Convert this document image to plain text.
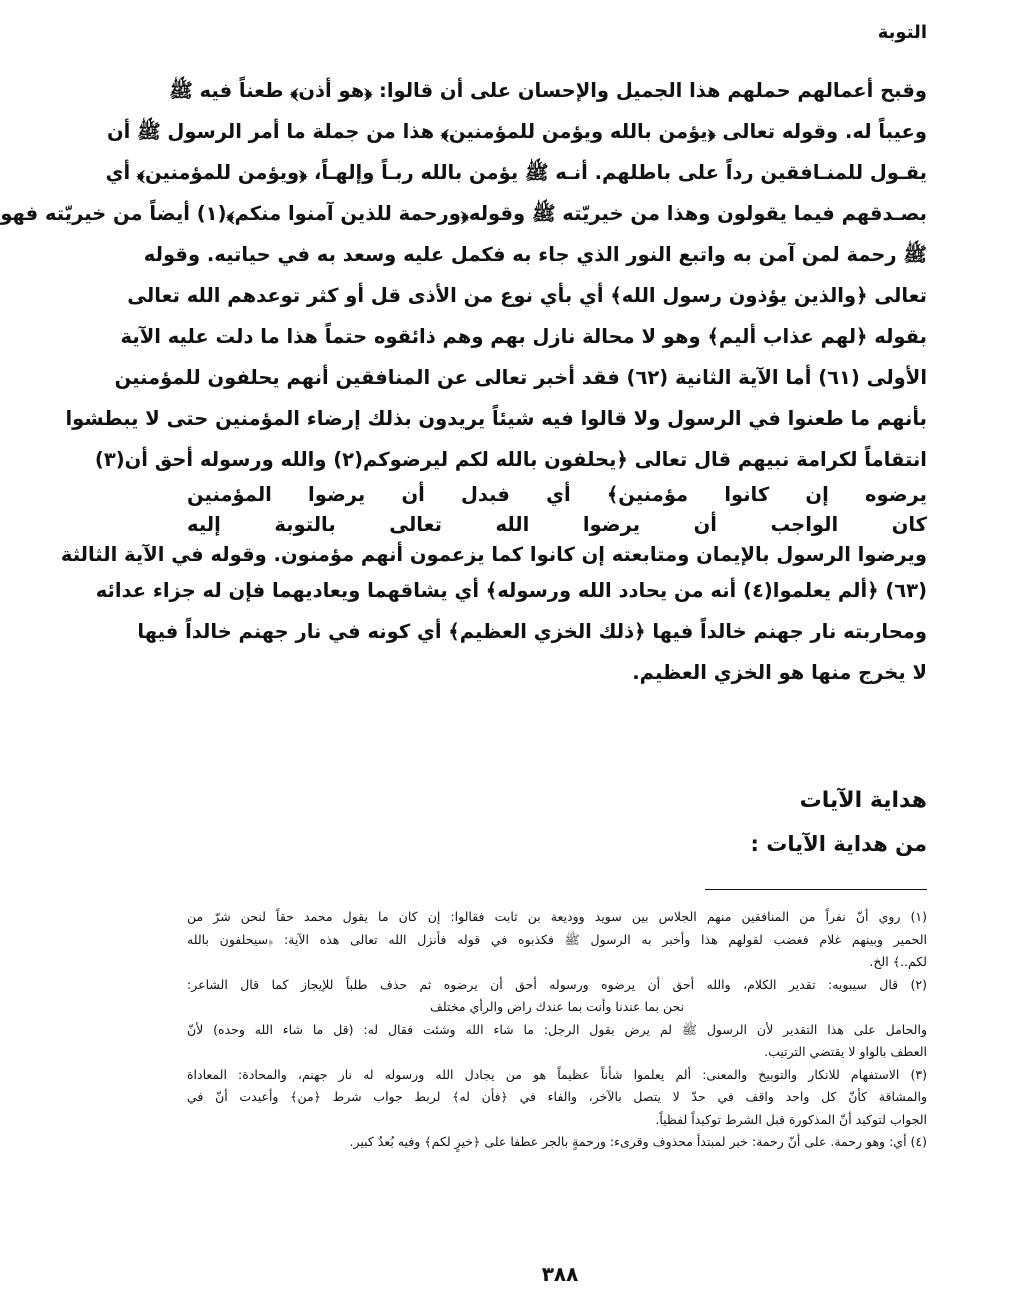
التوبة
وقبح أعمالهم حملهم هذا الجميل والإحسان على أن قالوا: ﴿هو أذن﴾ طعناً فيه ﷺ
وعيباً له. وقوله تعالى ﴿يؤمن بالله ويؤمن للمؤمنين﴾ هذا من جملة ما أمر الرسول ﷺ أن
يقـول للمنـافقين رداً على باطلهم. أنـه ﷺ يؤمن بالله ربـاً وإلهـاً، ﴿ويؤمن للمؤمنين﴾ أي
بصـدقهم فيما يقولون وهذا من خيريّته ﷺ وقوله﴿ورحمة للذين آمنوا منكم﴾(١) أيضاً من خيريّته فهو
ﷺ رحمة لمن آمن به واتبع النور الذي جاء به فكمل عليه وسعد به في حياتيه. وقوله
تعالى ﴿والذين يؤذون رسول الله﴾ أي بأي نوع من الأذى قل أو كثر توعدهم الله تعالى
بقوله ﴿لهم عذاب أليم﴾ وهو لا محالة نازل بهم وهم ذائقوه حتماً هذا ما دلت عليه الآية
الأولى (٦١) أما الآية الثانية (٦٢) فقد أخبر تعالى عن المنافقين أنهم يحلفون للمؤمنين
بأنهم ما طعنوا في الرسول ولا قالوا فيه شيئاً يريدون بذلك إرضاء المؤمنين حتى لا يبطشوا
انتقاماً لكرامة نبيهم قال تعالى ﴿يحلفون بالله لكم ليرضوكم(٢) والله ورسوله أحق أن(٣)
يرضوه إن كانوا مؤمنين﴾ أي فبدل أن يرضوا المؤمنين
كان الواجب أن يرضوا الله تعالى بالتوبة إليه
ويرضوا الرسول بالإيمان ومتابعته إن كانوا كما يزعمون أنهم مؤمنون. وقوله في الآية الثالثة
(٦٣) ﴿ألم يعلموا(٤) أنه من يحادد الله ورسوله﴾ أي يشاقهما ويعاديهما فإن له جزاء عدائه
ومحاربته نار جهنم خالداً فيها ﴿ذلك الخزي العظيم﴾ أي كونه في نار جهنم خالداً فيها
لا يخرج منها هو الخزي العظيم.
هداية الآيات
من هداية الآيات :
(١) روي أنّ نفراً من المنافقين منهم الجلاس بين سويد ووديعة بن ثابت فقالوا: إن كان ما يقول محمد حقاً لنحن شرّ من
الحمير وبينهم غلام فغضب لقولهم هذا وأخبر به الرسول ﷺ فكذبوه في قوله فأنزل الله تعالى هذه الآية: ﴿سيحلفون بالله
لكم..﴾ الخ.
(٢) قال سيبويه: تقدير الكلام، والله أحق أن يرضوه ورسوله أحق أن يرضوه ثم حذف طلباً للإيجاز كما قال الشاعر:
نحن بما عندنا وأنت بما عندك راض والرأي مختلف
والحامل على هذا التقدير لأن الرسول ﷺ لم يرض بقول الرجل: ما شاء الله وشئت فقال له: (قل ما شاء الله وحده) لأنّ
العطف بالواو لا يقتضي الترتيب.
(٣) الاستفهام للانكار والتوبيخ والمعنى: ألم يعلموا شأناً عظيماً هو من يجادل الله ورسوله له نار جهنم، والمحادة: المعاداة
والمشاقة كأنّ كل واحد واقف في حدّ لا يتصل بالآخر، والفاء في ﴿فأن له﴾ لربط جواب شرط ﴿من﴾ وأعيدت أنّ في
الجواب لتوكيد أنّ المذكورة قبل الشرط توكيداً لفظياً.
(٤) أي: وهو رحمة. على أنّ رحمة: خبر لمبتدأ محذوف وقرىء: ورحمةٍ بالجر عطفا على ﴿خيرٍ لكم﴾ وفيه بُعدٌ كبير.
٣٨٨
